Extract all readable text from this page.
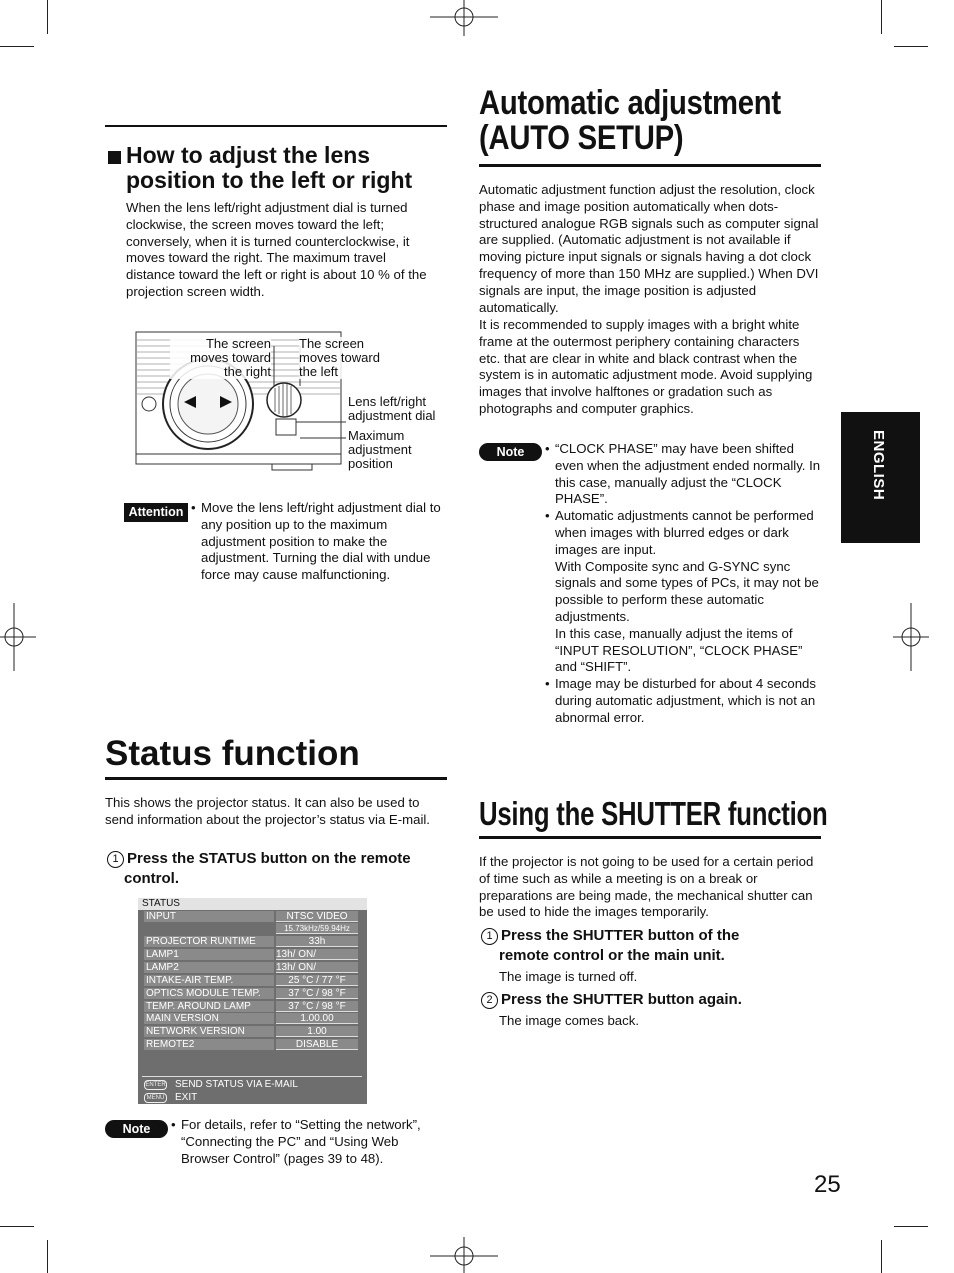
How to adjust the lens
position to the left or right
When the lens left/right adjustment dial is turned clockwise, the screen moves toward the left; conversely, when it is turned counterclockwise, it moves toward the right. The maximum travel distance toward the left or right is about 10 % of the projection screen width.
The screen
moves toward
the right
The screen
moves toward
the left
Lens left/right
adjustment dial
Maximum
adjustment
position
Attention	• Move the lens left/right adjustment dial to any position up to the maximum adjustment position to make the adjustment. Turning the dial with undue force may cause malfunctioning.
Automatic adjustment
(AUTO SETUP)
Automatic adjustment function adjust the resolution, clock phase and image position automatically when dots-structured analogue RGB signals such as computer signal are supplied. (Automatic adjustment is not available if moving picture input signals or signals having a dot clock frequency of more than 150 MHz are supplied.) When DVI signals are input, the image position is adjusted automatically.
It is recommended to supply images with a bright white frame at the outermost periphery containing characters etc. that are clear in white and black contrast when the system is in automatic adjustment mode. Avoid supplying images that involve halftones or gradation such as photographs and computer graphics.
Note	• “CLOCK PHASE” may have been shifted even when the adjustment ended normally. In this case, manually adjust the “CLOCK PHASE”.
• Automatic adjustments cannot be performed when images with blurred edges or dark images are input.
With Composite sync and G-SYNC sync signals and some types of PCs, it may not be possible to perform these automatic adjustments.
In this case, manually adjust the items of “INPUT RESOLUTION”, “CLOCK PHASE” and “SHIFT”.
• Image may be disturbed for about 4 seconds during automatic adjustment, which is not an abnormal error.
ENGLISH
Status function
This shows the projector status. It can also be used to send information about the projector’s status via E-mail.
1 Press the STATUS button on the remote
control.
STATUS
INPUT	NTSC VIDEO
15.73kHz/59.94Hz
PROJECTOR RUNTIME	33h
LAMP1	13h/ ON/
LAMP2	13h/ ON/
INTAKE-AIR TEMP.	25 °C / 77 °F
OPTICS MODULE TEMP.	37 °C / 98 °F
TEMP. AROUND LAMP	37 °C / 98 °F
MAIN VERSION	1.00.00
NETWORK VERSION	1.00
REMOTE2	DISABLE
ENTER SEND STATUS VIA E-MAIL
MENU EXIT
Note	• For details, refer to “Setting the network”, “Connecting the PC” and “Using Web Browser Control” (pages 39 to 48).
Using the SHUTTER function
If the projector is not going to be used for a certain period of time such as while a meeting is on a break or preparations are being made, the mechanical shutter can be used to hide the images temporarily.
1 Press the SHUTTER button of the
remote control or the main unit.
The image is turned off.
2 Press the SHUTTER button again.
The image comes back.
25
